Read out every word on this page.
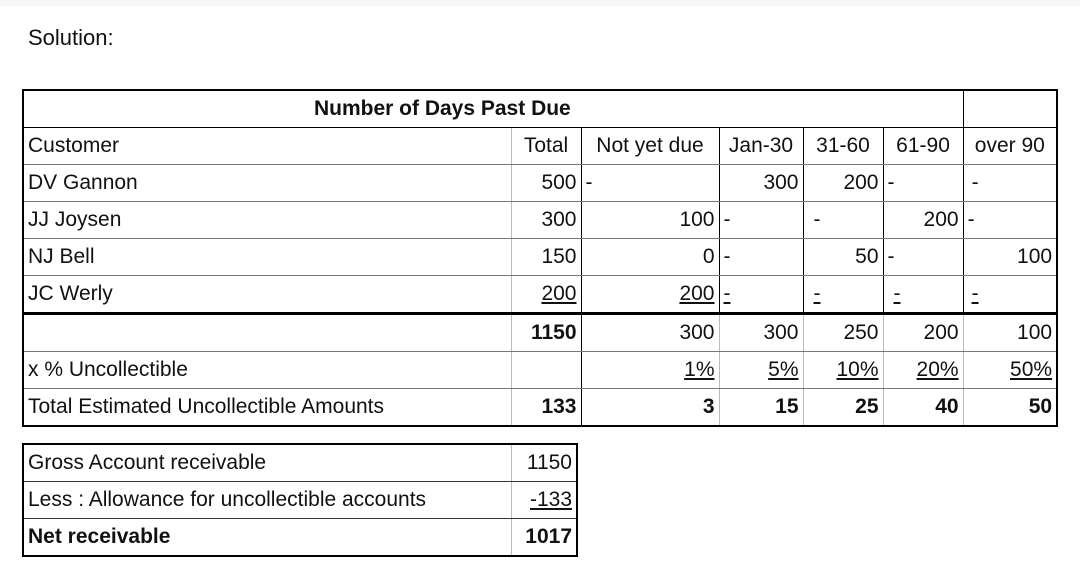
Solution:
Number of Days Past Due						
Customer	Total	Not yet due	Jan-30	31-60	61-90	over 90
DV Gannon	500	-	300	200	-	-
JJ Joysen	300	100	-	-	200	-
NJ Bell	150	0	-	50	-	100
JC Werly	200	200	-	-	-	-
	1150	300	300	250	200	100
x % Uncollectible		1%	5%	10%	20%	50%
Total Estimated Uncollectible Amounts	133	3	15	25	40	50
Gross Account receivable	1150
Less : Allowance for uncollectible accounts	-133
Net receivable	1017
